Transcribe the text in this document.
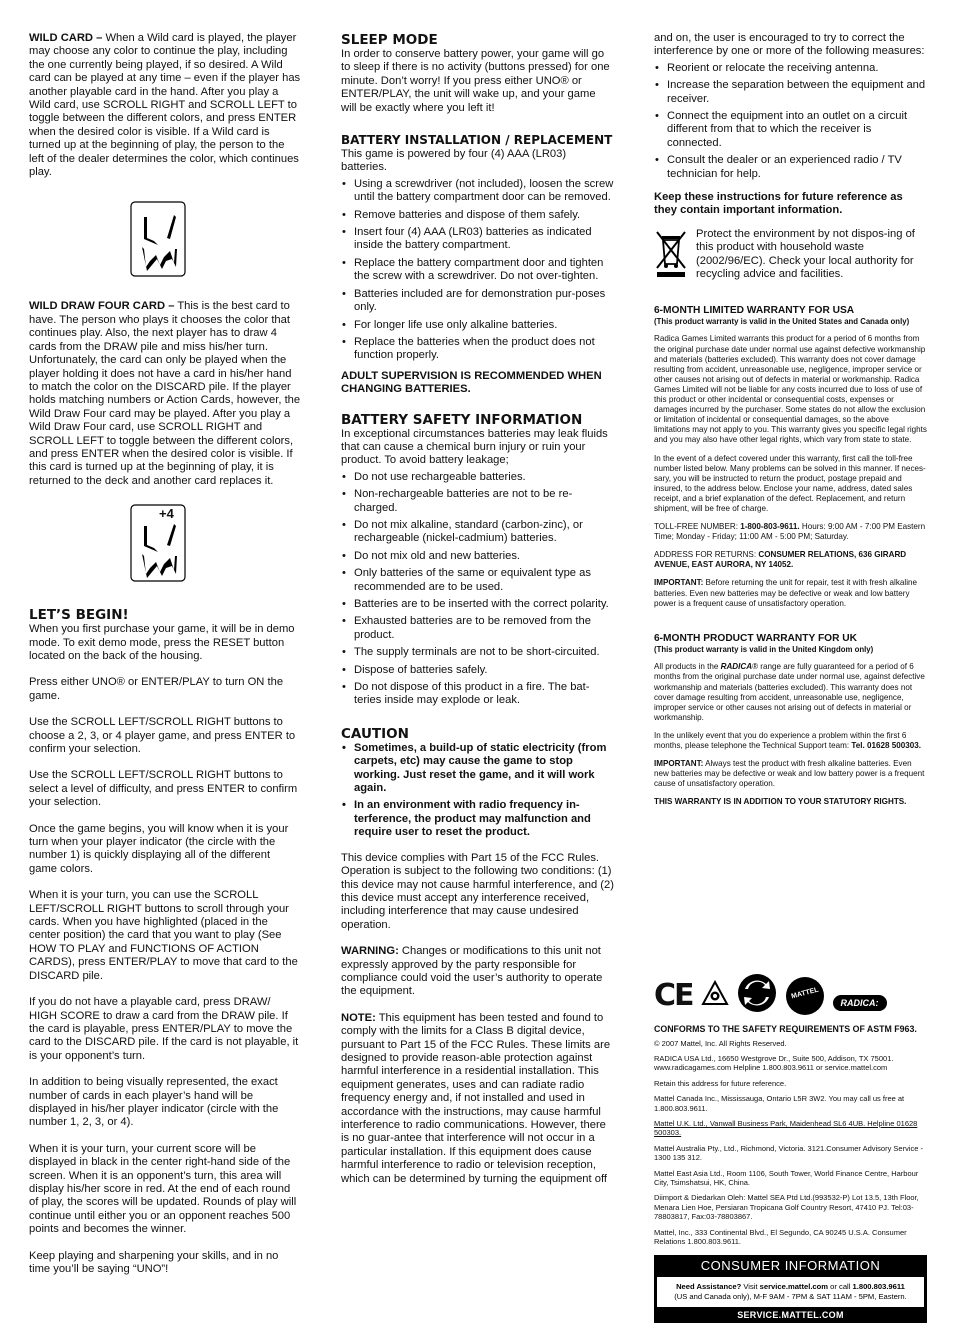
WILD CARD – When a Wild card is played, the player may choose any color to continue the play, including the one currently being played, if so desired. A Wild card can be played at any time – even if the player has another playable card in the hand. After you play a Wild card, use SCROLL RIGHT and SCROLL LEFT to toggle between the different colors, and press ENTER when the desired color is visible. If a Wild card is turned up at the beginning of play, the person to the left of the dealer determines the color, which continues play.

WILD DRAW FOUR CARD – This is the best card to have. The person who plays it chooses the color that continues play. Also, the next player has to draw 4 cards from the DRAW pile and miss his/her turn. Unfortunately, the card can only be played when the player holding it does not have a card in his/her hand to match the color on the DISCARD pile. If the player holds matching numbers or Action Cards, however, the Wild Draw Four card may be played. After you play a Wild Draw Four card, use SCROLL RIGHT and SCROLL LEFT to toggle between the different colors, and press ENTER when the desired color is visible. If this card is turned up at the beginning of play, it is returned to the deck and another card replaces it.

+4
LET’S BEGIN!

When you first purchase your game, it will be in demo mode. To exit demo mode, press the RESET button located on the back of the housing.

Press either UNO® or ENTER/PLAY to turn ON the game.

Use the SCROLL LEFT/SCROLL RIGHT buttons to choose a 2, 3, or 4 player game, and press ENTER to confirm your selection.

Use the SCROLL LEFT/SCROLL RIGHT buttons to select a level of difficulty, and press ENTER to confirm your selection.

Once the game begins, you will know when it is your turn when your player indicator (the circle with the number 1) is quickly displaying all of the different game colors.

When it is your turn, you can use the SCROLL LEFT/SCROLL RIGHT buttons to scroll through your cards. When you have highlighted (placed in the center position) the card that you want to play (See HOW TO PLAY and FUNCTIONS OF ACTION CARDS), press ENTER/PLAY to move that card to the DISCARD pile.

If you do not have a playable card, press DRAW/ HIGH SCORE to draw a card from the DRAW pile. If the card is playable, press ENTER/PLAY to move the card to the DISCARD pile. If the card is not playable, it is your opponent’s turn.

In addition to being visually represented, the exact number of cards in each player’s hand will be displayed in his/her player indicator (circle with the number 1, 2, 3, or 4).

When it is your turn, your current score will be displayed in black in the center right-hand side of the screen. When it is an opponent’s turn, this area will display his/her score in red. At the end of each round of play, the scores will be updated. Rounds of play will continue until either you or an opponent reaches 500 points and becomes the winner.

Keep playing and sharpening your skills, and in no time you’ll be saying “UNO”!

SLEEP MODE

In order to conserve battery power, your game will go to sleep if there is no activity (buttons pressed) for one minute. Don’t worry! If you press either UNO® or ENTER/PLAY, the unit will wake up, and your game will be exactly where you left it!

BATTERY INSTALLATION / REPLACEMENT

This game is powered by four (4) AAA (LR03) batteries.

• Using a screwdriver (not included), loosen the screw until the battery compartment door can be removed.
• Remove batteries and dispose of them safely.
• Insert four (4) AAA (LR03) batteries as indicated inside the battery compartment.
• Replace the battery compartment door and tighten the screw with a screwdriver. Do not over-tighten.
• Batteries included are for demonstration pur-poses only.
• For longer life use only alkaline batteries.
• Replace the batteries when the product does not function properly.

ADULT SUPERVISION IS RECOMMENDED WHEN CHANGING BATTERIES.

BATTERY SAFETY INFORMATION

In exceptional circumstances batteries may leak fluids that can cause a chemical burn injury or ruin your product. To avoid battery leakage;

• Do not use rechargeable batteries.
• Non-rechargeable batteries are not to be re-charged.
• Do not mix alkaline, standard (carbon-zinc), or rechargeable (nickel-cadmium) batteries.
• Do not mix old and new batteries.
• Only batteries of the same or equivalent type as recommended are to be used.
• Batteries are to be inserted with the correct polarity.
• Exhausted batteries are to be removed from the product.
• The supply terminals are not to be short-circuited.
• Dispose of batteries safely.
• Do not dispose of this product in a fire. The bat-teries inside may explode or leak.
CAUTION
• Sometimes, a build-up of static electricity (from carpets, etc) may cause the game to stop working. Just reset the game, and it will work again.
• In an environment with radio frequency in-terference, the product may malfunction and require user to reset the product.

This device complies with Part 15 of the FCC Rules. Operation is subject to the following two conditions: (1) this device may not cause harmful interference, and (2) this device must accept any interference received, including interference that may cause undesired operation.

WARNING: Changes or modifications to this unit not expressly approved by the party responsible for compliance could void the user’s authority to operate the equipment.

NOTE: This equipment has been tested and found to comply with the limits for a Class B digital device, pursuant to Part 15 of the FCC Rules. These limits are designed to provide reason-able protection against harmful interference in a residential installation. This equipment generates, uses and can radiate radio frequency energy and, if not installed and used in accordance with the instructions, may cause harmful interference to radio communications. However, there is no guar-antee that interference will not occur in a particular installation. If this equipment does cause harmful interference to radio or television reception, which can be determined by turning the equipment off

and on, the user is encouraged to try to correct the interference by one or more of the following measures:

• Reorient or relocate the receiving antenna.
• Increase the separation between the equipment and receiver.
• Connect the equipment into an outlet on a circuit different from that to which the receiver is connected.
• Consult the dealer or an experienced radio / TV technician for help.

Keep these instructions for future reference as they contain important information.

Protect the environment by not dispos-ing of this product with household waste (2002/96/EC). Check your local authority for recycling advice and facilities.

6-MONTH LIMITED WARRANTY FOR USA
(This product warranty is valid in the United States and Canada only)

Radica Games Limited warrants this product for a period of 6 months from the original purchase date under normal use against defective workmanship and materials (batteries excluded). This warranty does not cover damage resulting from accident, unreasonable use, negligence, improper service or other causes not arising out of defects in material or workmanship. Radica Games Limited will not be liable for any costs incurred due to loss of use of this product or other incidental or consequential costs, expenses or damages incurred by the purchaser. Some states do not allow the exclusion or limitation of incidental or consequential damages, so the above limitations may not apply to you. This warranty gives you specific legal rights and you may also have other legal rights, which vary from state to state.

In the event of a defect covered under this warranty, first call the toll-free number listed below. Many problems can be solved in this manner. If neces-sary, you will be instructed to return the product, postage prepaid and insured, to the address below. Enclose your name, address, dated sales receipt, and a brief explanation of the defect. Replacement, and return shipment, will be free of charge.

TOLL-FREE NUMBER: 1-800-803-9611. Hours: 9:00 AM - 7:00 PM Eastern Time; Monday - Friday; 11:00 AM - 5:00 PM; Saturday.

ADDRESS FOR RETURNS: CONSUMER RELATIONS, 636 GIRARD AVENUE, EAST AURORA, NY 14052.

IMPORTANT: Before returning the unit for repair, test it with fresh alkaline batteries. Even new batteries may be defective or weak and low battery power is a frequent cause of unsatisfactory operation.

6-MONTH PRODUCT WARRANTY FOR UK
(This product warranty is valid in the United Kingdom only)

All products in the RADICA® range are fully guaranteed for a period of 6 months from the original purchase date under normal use, against defective workmanship and materials (batteries excluded). This warranty does not cover damage resulting from accident, unreasonable use, negligence, improper service or other causes not arising out of defects in material or workmanship.

In the unlikely event that you do experience a problem within the first 6 months, please telephone the Technical Support team: Tel. 01628 500303.

IMPORTANT: Always test the product with fresh alkaline batteries. Even new batteries may be defective or weak and low battery power is a frequent cause of unsatisfactory operation.

THIS WARRANTY IS IN ADDITION TO YOUR STATUTORY RIGHTS.

CE	MATTEL
RADICA:

CONFORMS TO THE SAFETY REQUIREMENTS OF ASTM F963.

© 2007 Mattel, Inc. All Rights Reserved.

RADICA USA Ltd., 16650 Westgrove Dr., Suite 500, Addison, TX 75001. www.radicagames.com Helpline 1.800.803.9611 or service.mattel.com

Retain this address for future reference.

Mattel Canada Inc., Mississauga, Ontario L5R 3W2. You may call us free at 1.800.803.9611.

Mattel U.K. Ltd., Vanwall Business Park, Maidenhead SL6 4UB. Helpline 01628 500303.

Mattel Australia Pty., Ltd., Richmond, Victoria. 3121.Consumer Advisory Service - 1300 135 312.

Mattel East Asia Ltd., Room 1106, South Tower, World Finance Centre, Harbour City, Tsimshatsui, HK, China.

Diimport & Diedarkan Oleh: Mattel SEA Ptd Ltd.(993532-P) Lot 13.5, 13th Floor, Menara Lien Hoe, Persiaran Tropicana Golf Country Resort, 47410 PJ. Tel:03-78803817, Fax:03-78803867.

Mattel, Inc., 333 Continental Blvd., El Segundo, CA 90245 U.S.A. Consumer Relations 1.800.803.9611.

CONSUMER INFORMATION
Need Assistance? Visit service.mattel.com or call 1.800.803.9611
(US and Canada only), M-F 9AM - 7PM & SAT 11AM - 5PM, Eastern.
SERVICE.MATTEL.COM
